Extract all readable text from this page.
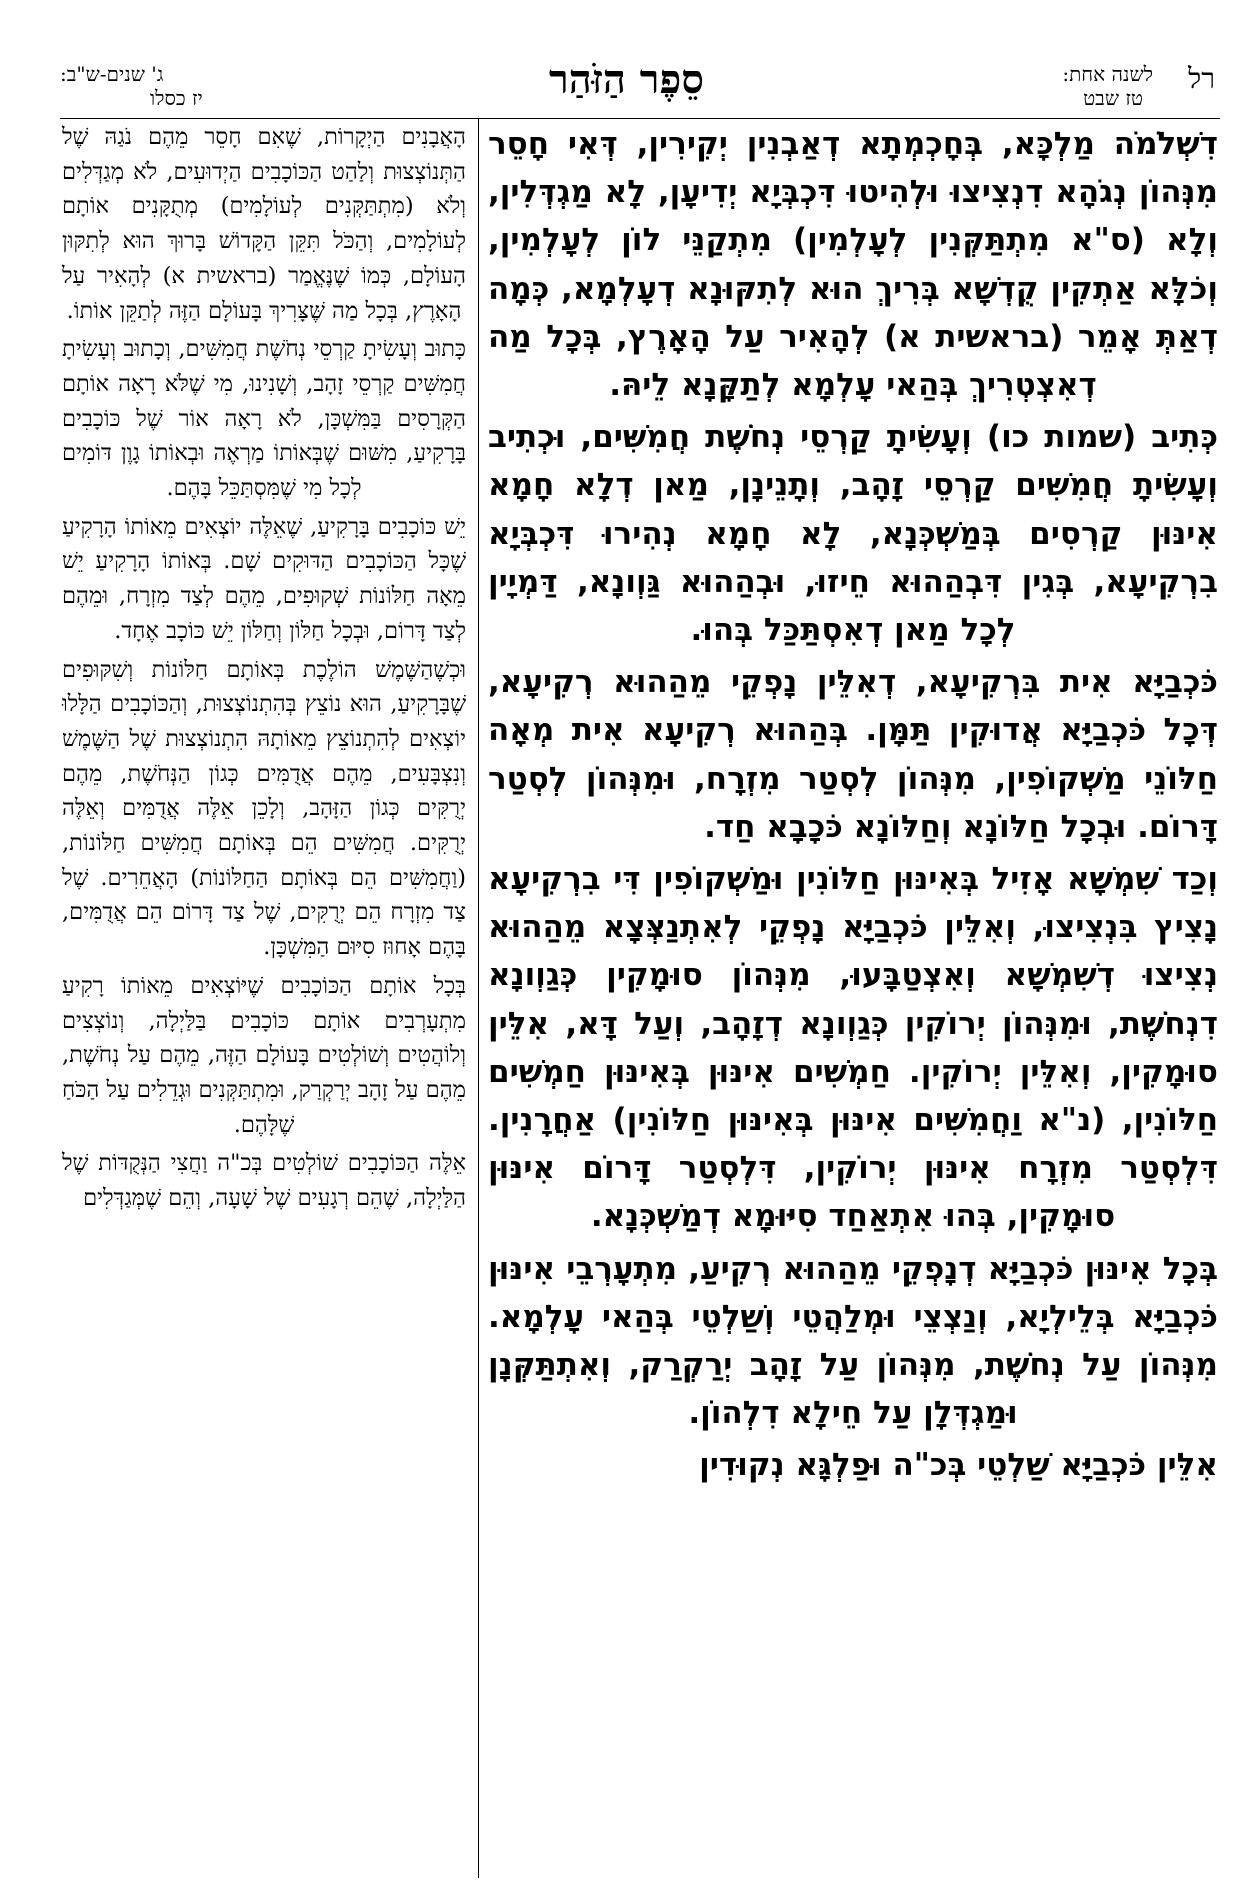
רל
לשנה אחת:
טז שבט
סֵפֶר הַזֹּהַר
ג' שנים-ש"ב:
יז כסלו

דִשְׁלֹמֹה מַלְכָּא, בְּחָכְמְתָא דְאַבְנִין יְקִירִין, דְּאִי חָסֵר מִנְּהוֹן נְגֹהָא דִנְצִיצוּ וּלְהִיטוּ דִּכְבְּיָא יְדִיעָן, לָא מַגְדְּלִין, וְלָא (ס"א מִתְתַּקְּנִין לְעָלְמִין) מִתְקַנֵּי לוֹן לְעָלְמִין, וְכֹלָּא אַתְקִין קֻדְשָׁא בְּרִיךְ הוּא לְתִקּוּנָא דְעָלְמָא, כְּמָה דְאַתְּ אָמֵר (בראשית א) לְהָאִיר עַל הָאָרֶץ, בְּכָל מַה דְאִצְטְרִיךְ בְּהַאי עָלְמָא לְתַקָּנָא לֵיהּ.

כְּתִיב (שמות כו) וְעָשִׂיתָ קַרְסֵי נְחֹשֶׁת חֲמִשִּׁים, וּכְתִיב וְעָשִׂיתָ חֲמִשִּׁים קַרְסֵי זָהָב, וְתָנֵינָן, מַאן דְלָא חָמָא אִינּוּן קַרְסִים בְּמַשְׁכְּנָא, לָא חָמָא נְהִירוּ דִּכְבְּיָא בִרְקִיעָא, בְּגִין דִּבְהַהוּא חֵיזוּ, וּבְהַהוּא גַּוְונָא, דַּמְיָין לְכָל מַאן דְאִסְתַּכַּל בְּהוּ.

כֹּכְבַיָּא אִית בִּרְקִיעָא, דְאִלֵּין נָפְקֵי מֵהַהוּא רְקִיעָא, דְּכָל כֹּכְבַיָּא אֲדוּקִין תַּמָּן. בְּהַהוּא רְקִיעָא אִית מְאָה חַלּוֹנֵי מַשְׁקוֹפִין, מִנְּהוֹן לְסְטַר מִזְרָח, וּמִנְּהוֹן לְסְטַר דָּרוֹם. וּבְכָל חַלּוֹנָא וְחַלּוֹנָא כֹּכָבָא חַד.

וְכַד שִׁמְשָׁא אָזִיל בְּאִינּוּן חַלּוֹנִין וּמַשְׁקוֹפִין דִּי בִרְקִיעָא נָצִיץ בִּנְצִיצוּ, וְאִלֵּין כֹּכְבַיָּא נָפְקֵי לְאִתְנַצְּצָא מֵהַהוּא נְצִיצוּ דְשִׁמְשָׁא וְאִצְטַבָּעוּ, מִנְּהוֹן סוּמָקִין כְּגַוְונָא דִנְחֹשֶׁת, וּמִנְּהוֹן יְרוֹקִין כְּגַוְונָא דְזָהָב, וְעַל דָּא, אִלֵּין סוּמָקִין, וְאִלֵּין יְרוֹקִין. חַמְשִׁים אִינּוּן בְּאִינּוּן חַמְשִׁים חַלּוֹנִין, (נ"א וַחֲמִשִּׁים אִינּוּן בְּאִינּוּן חַלּוֹנִין) אַחֲרָנִין. דִּלְסְטַר מִזְרָח אִינּוּן יְרוֹקִין, דִּלְסְטַר דָּרוֹם אִינּוּן סוּמָקִין, בְּהוּ אִתְאַחַד סִיּוּמָא דְמַשְׁכְּנָא.

בְּכָל אִינּוּן כֹּכְבַיָּא דְנָפְקֵי מֵהַהוּא רְקִיעַ, מִתְעָרְבֵי אִינּוּן כֹּכְבַיָּא בְּלֵילְיָא, וְנַצְצֵי וּמְלַהֲטֵי וְשַׁלְטֵי בְּהַאי עָלְמָא. מִנְּהוֹן עַל נְחֹשֶׁת, מִנְּהוֹן עַל זָהָב יְרַקְרַק, וְאִתְתַּקְּנָן וּמַגְדְּלָן עַל חֵילָא דִלְהוֹן.

אִלֵּין כֹּכְבַיָּא שַׁלְטֵי בְּכ"ה וּפַלְגָּא נְקוּדִין

הָאֲבָנִים הַיְקָרוֹת, שֶׁאִם חָסֵר מֵהֶם נֹגַהּ שֶׁל הַתְּנוֹצְצוּת וְלַהַט הַכּוֹכָבִים הַיְדוּעִים, לֹא מְגַדְּלִים וְלֹא (מִתְתַּקְּנִים לְעוֹלָמִים) מְתֻקָּנִים אוֹתָם לְעוֹלָמִים, וְהַכֹּל תִּקֵּן הַקָּדוֹשׁ בָּרוּךְ הוּא לְתִקּוּן הָעוֹלָם, כְּמוֹ שֶׁנֶּאֱמַר (בראשית א) לְהָאִיר עַל הָאָרֶץ, בְּכָל מַה שֶּׁצָּרִיךְ בָּעוֹלָם הַזֶּה לְתַקֵּן אוֹתוֹ.

כָּתוּב וְעָשִׂיתָ קַרְסֵי נְחֹשֶׁת חֲמִשִּׁים, וְכָתוּב וְעָשִׂיתָ חֲמִשִּׁים קַרְסֵי זָהָב, וְשָׁנִינוּ, מִי שֶׁלֹּא רָאָה אוֹתָם הַקְּרָסִים בַּמִּשְׁכָּן, לֹא רָאָה אוֹר שֶׁל כּוֹכָבִים בָּרָקִיעַ, מִשּׁוּם שֶׁבְּאוֹתוֹ מַרְאֶה וּבְאוֹתוֹ גָוֶן דּוֹמִים לְכָל מִי שֶׁמִּסְתַּכֵּל בָּהֶם.

יֵשׁ כּוֹכָבִים בָּרָקִיעַ, שֶׁאֵלֶּה יוֹצְאִים מֵאוֹתוֹ הָרָקִיעַ שֶׁכָּל הַכּוֹכָבִים הַדּוּקִים שָׁם. בְּאוֹתוֹ הָרָקִיעַ יֵשׁ מֵאָה חַלּוֹנוֹת שְׁקוּפִים, מֵהֶם לְצַד מִזְרָח, וּמֵהֶם לְצַד דָּרוֹם, וּבְכָל חַלּוֹן וְחַלּוֹן יֵשׁ כּוֹכָב אֶחָד.

וּכְשֶׁהַשֶּׁמֶשׁ הוֹלֶכֶת בְּאוֹתָם חַלּוֹנוֹת וְשִׁקּוּפִים שֶׁבָּרָקִיעַ, הוּא נוֹצֵץ בְּהִתְנוֹצְצוּת, וְהַכּוֹכָבִים הַלָּלוּ יוֹצְאִים לְהִתְנוֹצֵץ מֵאוֹתָהּ הִתְנוֹצְצוּת שֶׁל הַשֶּׁמֶשׁ וְנִצְבָּעִים, מֵהֶם אֲדֻמִּים כְּגוֹן הַנְּחֹשֶׁת, מֵהֶם יְרֻקִּים כְּגוֹן הַזָּהָב, וְלָכֵן אֵלֶּה אֲדֻמִּים וְאֵלֶּה יְרֻקִּים. חֲמִשִּׁים הֵם בְּאוֹתָם חֲמִשִּׁים חַלּוֹנוֹת, (וַחֲמִשִּׁים הֵם בְּאוֹתָם הַחַלּוֹנוֹת) הָאֲחֵרִים. שֶׁל צַד מִזְרָח הֵם יְרֻקִּים, שֶׁל צַד דָּרוֹם הֵם אֲדֻמִּים, בָּהֶם אָחוּז סִיּוּם הַמִּשְׁכָּן.

בְּכָל אוֹתָם הַכּוֹכָבִים שֶׁיּוֹצְאִים מֵאוֹתוֹ רָקִיעַ מִתְעָרְבִים אוֹתָם כּוֹכָבִים בַּלַּיְלָה, וְנוֹצְצִים וְלוֹהֲטִים וְשׁוֹלְטִים בָּעוֹלָם הַזֶּה, מֵהֶם עַל נְחֹשֶׁת, מֵהֶם עַל זָהָב יְרַקְרַק, וּמִתְתַּקְּנִים וּגְדֵלִים עַל הַכֹּחַ שֶׁלָּהֶם.

אֵלֶּה הַכּוֹכָבִים שׁוֹלְטִים בְּכ"ה וַחֲצִי הַנְּקֻדּוֹת שֶׁל הַלַּיְלָה, שֶׁהֵם רְגָעִים שֶׁל שָׁעָה, וְהֵם שֶׁמְּגַדְּלִים
